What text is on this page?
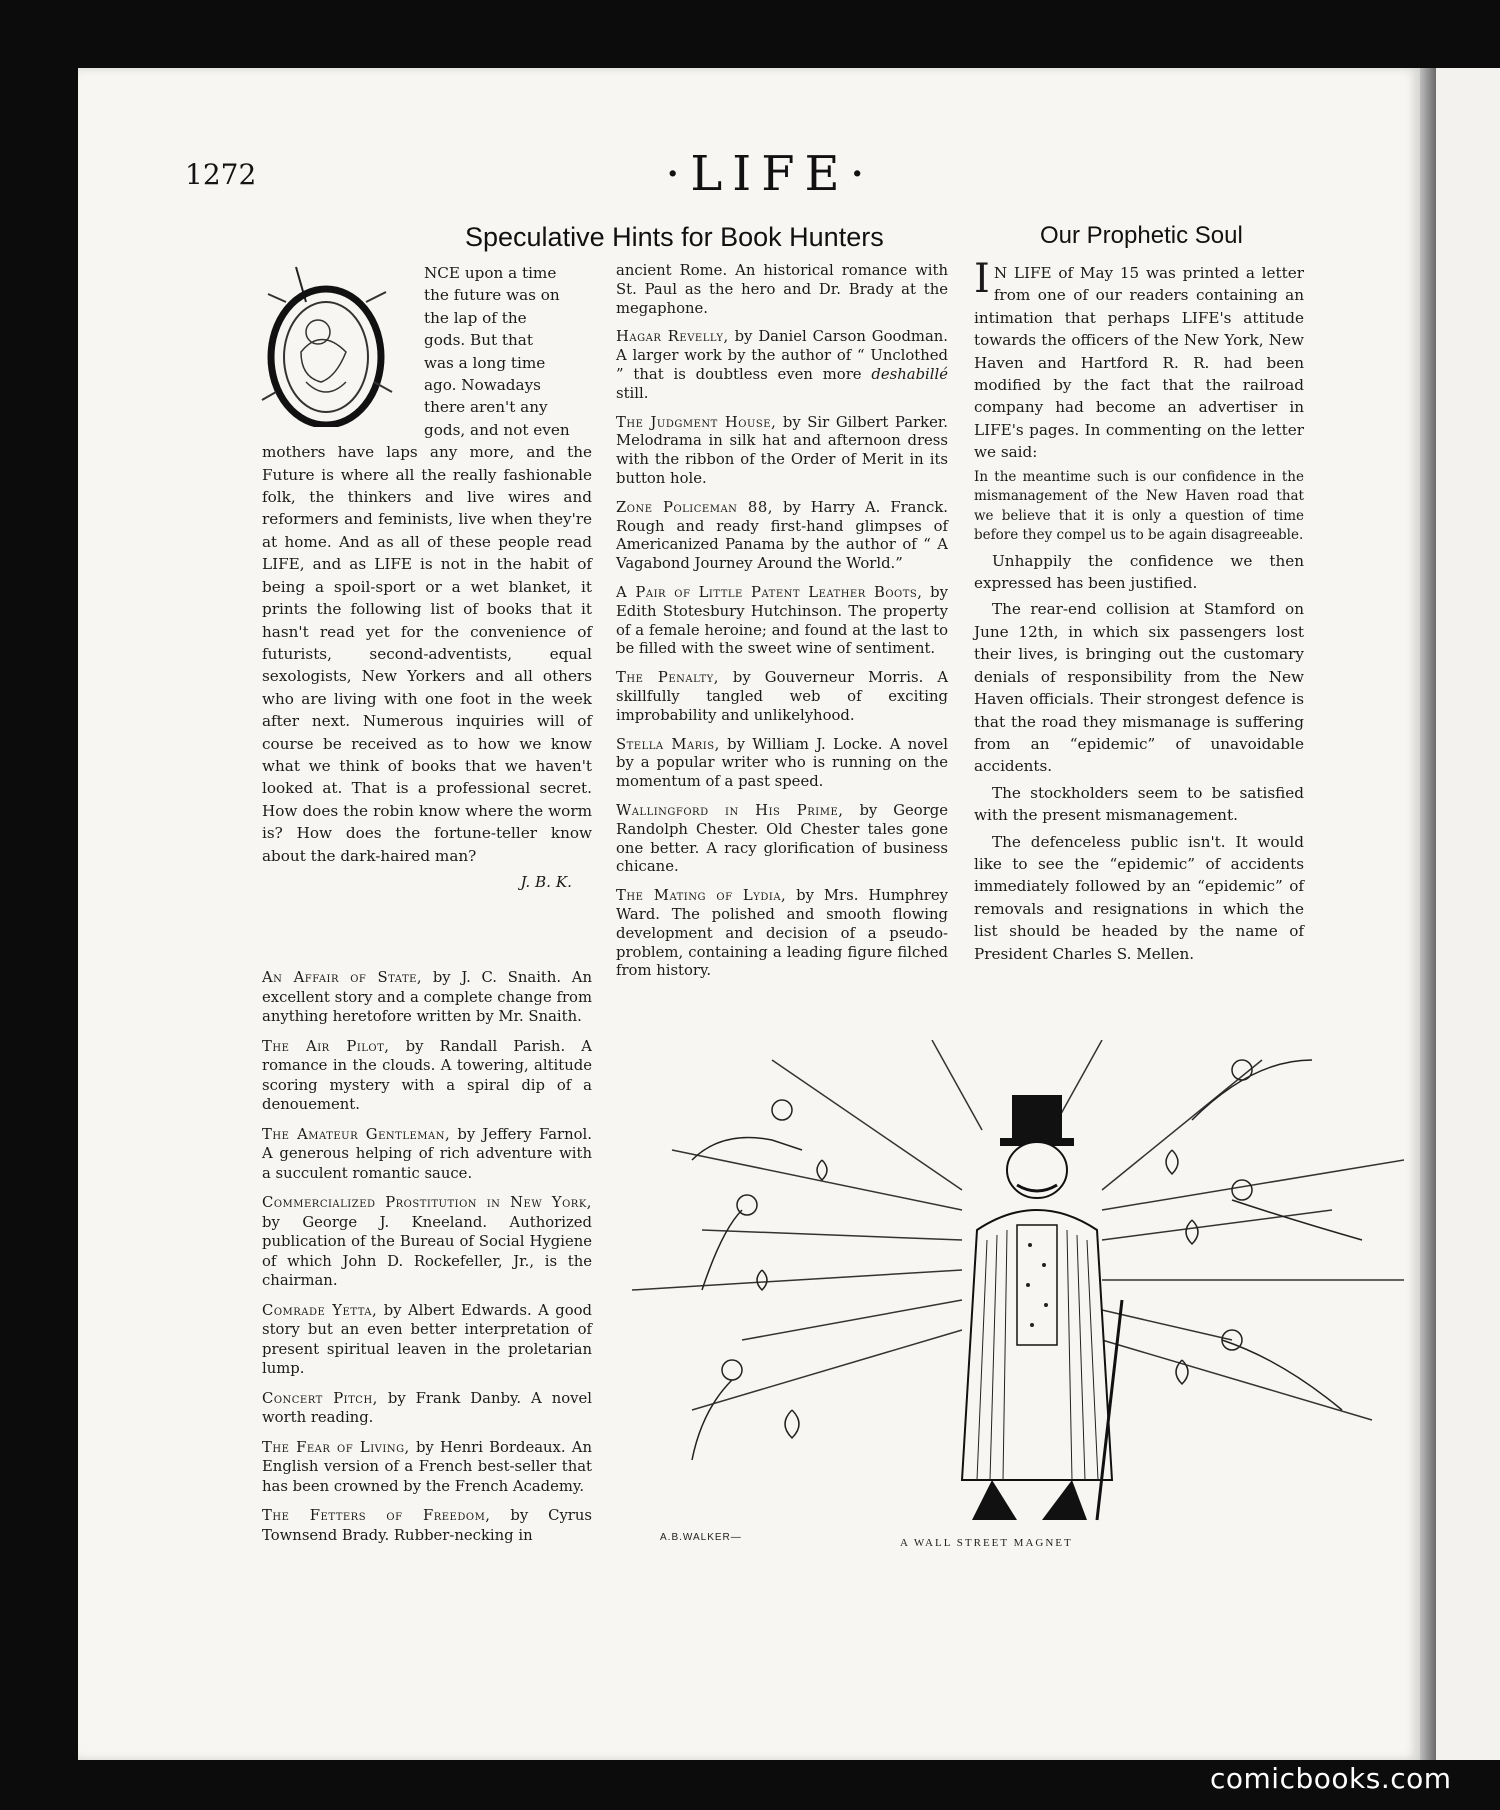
1272	·LIFE·
Speculative Hints for Book Hunters	Our Prophetic Soul
NCE upon a time
the future was on
the lap of the
gods. But that
was a long time
ago. Nowadays
there aren't any
gods, and not even

mothers have laps any more, and the Future is where all the really fashionable folk, the thinkers and live wires and reformers and feminists, live when they're at home. And as all of these people read LIFE, and as LIFE is not in the habit of being a spoil-sport or a wet blanket, it prints the following list of books that it hasn't read yet for the convenience of futurists, second-adventists, equal sexologists, New Yorkers and all others who are living with one foot in the week after next. Numerous inquiries will of course be received as to how we know what we think of books that we haven't looked at. That is a professional secret. How does the robin know where the worm is? How does the fortune-teller know about the dark-haired man?

J. B. K.

An Affair of State, by J. C. Snaith. An excellent story and a complete change from anything heretofore written by Mr. Snaith.

The Air Pilot, by Randall Parish. A romance in the clouds. A towering, altitude scoring mystery with a spiral dip of a denouement.

The Amateur Gentleman, by Jeffery Farnol. A generous helping of rich adventure with a succulent romantic sauce.

Commercialized Prostitution in New York, by George J. Kneeland. Authorized publication of the Bureau of Social Hygiene of which John D. Rockefeller, Jr., is the chairman.

Comrade Yetta, by Albert Edwards. A good story but an even better interpretation of present spiritual leaven in the proletarian lump.

Concert Pitch, by Frank Danby. A novel worth reading.

The Fear of Living, by Henri Bordeaux. An English version of a French best-seller that has been crowned by the French Academy.

The Fetters of Freedom, by Cyrus Townsend Brady. Rubber-necking in

ancient Rome. An historical romance with St. Paul as the hero and Dr. Brady at the megaphone.

Hagar Revelly, by Daniel Carson Goodman. A larger work by the author of “ Unclothed ” that is doubtless even more deshabillé still.

The Judgment House, by Sir Gilbert Parker. Melodrama in silk hat and afternoon dress with the ribbon of the Order of Merit in its button hole.

Zone Policeman 88, by Harry A. Franck. Rough and ready first-hand glimpses of Americanized Panama by the author of “ A Vagabond Journey Around the World.”

A Pair of Little Patent Leather Boots, by Edith Stotesbury Hutchinson. The property of a female heroine; and found at the last to be filled with the sweet wine of sentiment.

The Penalty, by Gouverneur Morris. A skillfully tangled web of exciting improbability and unlikelyhood.

Stella Maris, by William J. Locke. A novel by a popular writer who is running on the momentum of a past speed.

Wallingford in His Prime, by George Randolph Chester. Old Chester tales gone one better. A racy glorification of business chicane.

The Mating of Lydia, by Mrs. Humphrey Ward. The polished and smooth flowing development and decision of a pseudo-problem, containing a leading figure filched from history.

I N LIFE of May 15 was printed a letter from one of our readers containing an intimation that perhaps LIFE's attitude towards the officers of the New York, New Haven and Hartford R. R. had been modified by the fact that the railroad company had become an advertiser in LIFE's pages. In commenting on the letter we said:

In the meantime such is our confidence in the mismanagement of the New Haven road that we believe that it is only a question of time before they compel us to be again disagreeable.

Unhappily the confidence we then expressed has been justified.

The rear-end collision at Stamford on June 12th, in which six passengers lost their lives, is bringing out the customary denials of responsibility from the New Haven officials. Their strongest defence is that the road they mismanage is suffering from an “epidemic” of unavoidable accidents.

The stockholders seem to be satisfied with the present mismanagement.

The defenceless public isn't. It would like to see the “epidemic” of accidents immediately followed by an “epidemic” of removals and resignations in which the list should be headed by the name of President Charles S. Mellen.

A.B.WALKER—	A WALL STREET MAGNET
comicbooks.com
